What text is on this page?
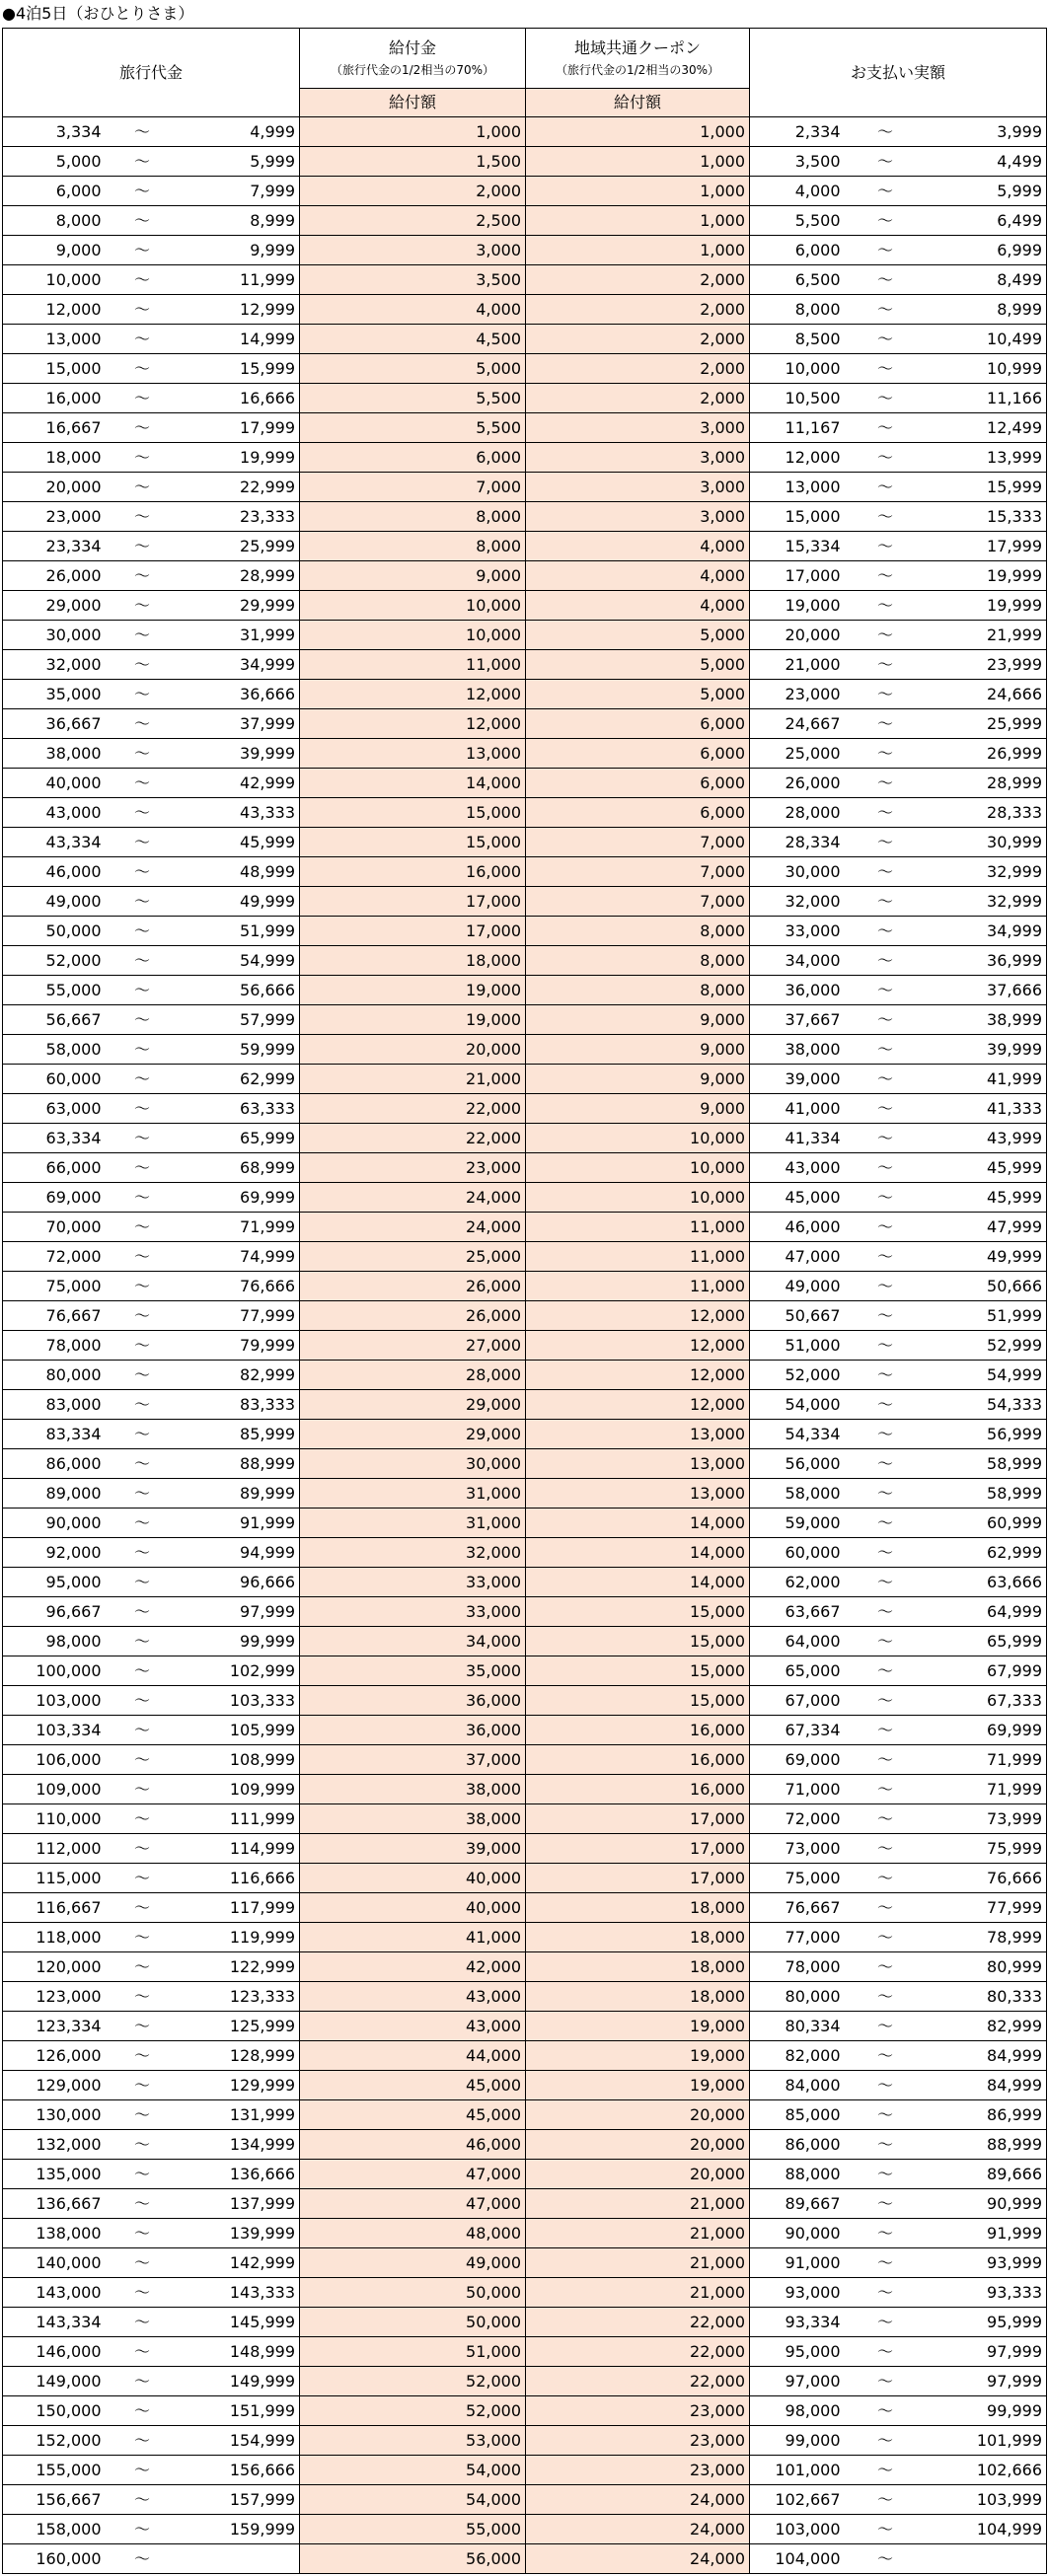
●4泊5日（おひとりさま）
旅行代金			給付金
（旅行代金の1/2相当の70%）	地域共通クーポン
（旅行代金の1/2相当の30%）	お支払い実額		
			給付額	給付額			
3,334	〜	4,999	1,000	1,000	2,334	〜	3,999
5,000	〜	5,999	1,500	1,000	3,500	〜	4,499
6,000	〜	7,999	2,000	1,000	4,000	〜	5,999
8,000	〜	8,999	2,500	1,000	5,500	〜	6,499
9,000	〜	9,999	3,000	1,000	6,000	〜	6,999
10,000	〜	11,999	3,500	2,000	6,500	〜	8,499
12,000	〜	12,999	4,000	2,000	8,000	〜	8,999
13,000	〜	14,999	4,500	2,000	8,500	〜	10,499
15,000	〜	15,999	5,000	2,000	10,000	〜	10,999
16,000	〜	16,666	5,500	2,000	10,500	〜	11,166
16,667	〜	17,999	5,500	3,000	11,167	〜	12,499
18,000	〜	19,999	6,000	3,000	12,000	〜	13,999
20,000	〜	22,999	7,000	3,000	13,000	〜	15,999
23,000	〜	23,333	8,000	3,000	15,000	〜	15,333
23,334	〜	25,999	8,000	4,000	15,334	〜	17,999
26,000	〜	28,999	9,000	4,000	17,000	〜	19,999
29,000	〜	29,999	10,000	4,000	19,000	〜	19,999
30,000	〜	31,999	10,000	5,000	20,000	〜	21,999
32,000	〜	34,999	11,000	5,000	21,000	〜	23,999
35,000	〜	36,666	12,000	5,000	23,000	〜	24,666
36,667	〜	37,999	12,000	6,000	24,667	〜	25,999
38,000	〜	39,999	13,000	6,000	25,000	〜	26,999
40,000	〜	42,999	14,000	6,000	26,000	〜	28,999
43,000	〜	43,333	15,000	6,000	28,000	〜	28,333
43,334	〜	45,999	15,000	7,000	28,334	〜	30,999
46,000	〜	48,999	16,000	7,000	30,000	〜	32,999
49,000	〜	49,999	17,000	7,000	32,000	〜	32,999
50,000	〜	51,999	17,000	8,000	33,000	〜	34,999
52,000	〜	54,999	18,000	8,000	34,000	〜	36,999
55,000	〜	56,666	19,000	8,000	36,000	〜	37,666
56,667	〜	57,999	19,000	9,000	37,667	〜	38,999
58,000	〜	59,999	20,000	9,000	38,000	〜	39,999
60,000	〜	62,999	21,000	9,000	39,000	〜	41,999
63,000	〜	63,333	22,000	9,000	41,000	〜	41,333
63,334	〜	65,999	22,000	10,000	41,334	〜	43,999
66,000	〜	68,999	23,000	10,000	43,000	〜	45,999
69,000	〜	69,999	24,000	10,000	45,000	〜	45,999
70,000	〜	71,999	24,000	11,000	46,000	〜	47,999
72,000	〜	74,999	25,000	11,000	47,000	〜	49,999
75,000	〜	76,666	26,000	11,000	49,000	〜	50,666
76,667	〜	77,999	26,000	12,000	50,667	〜	51,999
78,000	〜	79,999	27,000	12,000	51,000	〜	52,999
80,000	〜	82,999	28,000	12,000	52,000	〜	54,999
83,000	〜	83,333	29,000	12,000	54,000	〜	54,333
83,334	〜	85,999	29,000	13,000	54,334	〜	56,999
86,000	〜	88,999	30,000	13,000	56,000	〜	58,999
89,000	〜	89,999	31,000	13,000	58,000	〜	58,999
90,000	〜	91,999	31,000	14,000	59,000	〜	60,999
92,000	〜	94,999	32,000	14,000	60,000	〜	62,999
95,000	〜	96,666	33,000	14,000	62,000	〜	63,666
96,667	〜	97,999	33,000	15,000	63,667	〜	64,999
98,000	〜	99,999	34,000	15,000	64,000	〜	65,999
100,000	〜	102,999	35,000	15,000	65,000	〜	67,999
103,000	〜	103,333	36,000	15,000	67,000	〜	67,333
103,334	〜	105,999	36,000	16,000	67,334	〜	69,999
106,000	〜	108,999	37,000	16,000	69,000	〜	71,999
109,000	〜	109,999	38,000	16,000	71,000	〜	71,999
110,000	〜	111,999	38,000	17,000	72,000	〜	73,999
112,000	〜	114,999	39,000	17,000	73,000	〜	75,999
115,000	〜	116,666	40,000	17,000	75,000	〜	76,666
116,667	〜	117,999	40,000	18,000	76,667	〜	77,999
118,000	〜	119,999	41,000	18,000	77,000	〜	78,999
120,000	〜	122,999	42,000	18,000	78,000	〜	80,999
123,000	〜	123,333	43,000	18,000	80,000	〜	80,333
123,334	〜	125,999	43,000	19,000	80,334	〜	82,999
126,000	〜	128,999	44,000	19,000	82,000	〜	84,999
129,000	〜	129,999	45,000	19,000	84,000	〜	84,999
130,000	〜	131,999	45,000	20,000	85,000	〜	86,999
132,000	〜	134,999	46,000	20,000	86,000	〜	88,999
135,000	〜	136,666	47,000	20,000	88,000	〜	89,666
136,667	〜	137,999	47,000	21,000	89,667	〜	90,999
138,000	〜	139,999	48,000	21,000	90,000	〜	91,999
140,000	〜	142,999	49,000	21,000	91,000	〜	93,999
143,000	〜	143,333	50,000	21,000	93,000	〜	93,333
143,334	〜	145,999	50,000	22,000	93,334	〜	95,999
146,000	〜	148,999	51,000	22,000	95,000	〜	97,999
149,000	〜	149,999	52,000	22,000	97,000	〜	97,999
150,000	〜	151,999	52,000	23,000	98,000	〜	99,999
152,000	〜	154,999	53,000	23,000	99,000	〜	101,999
155,000	〜	156,666	54,000	23,000	101,000	〜	102,666
156,667	〜	157,999	54,000	24,000	102,667	〜	103,999
158,000	〜	159,999	55,000	24,000	103,000	〜	104,999
160,000	〜		56,000	24,000	104,000	〜	
